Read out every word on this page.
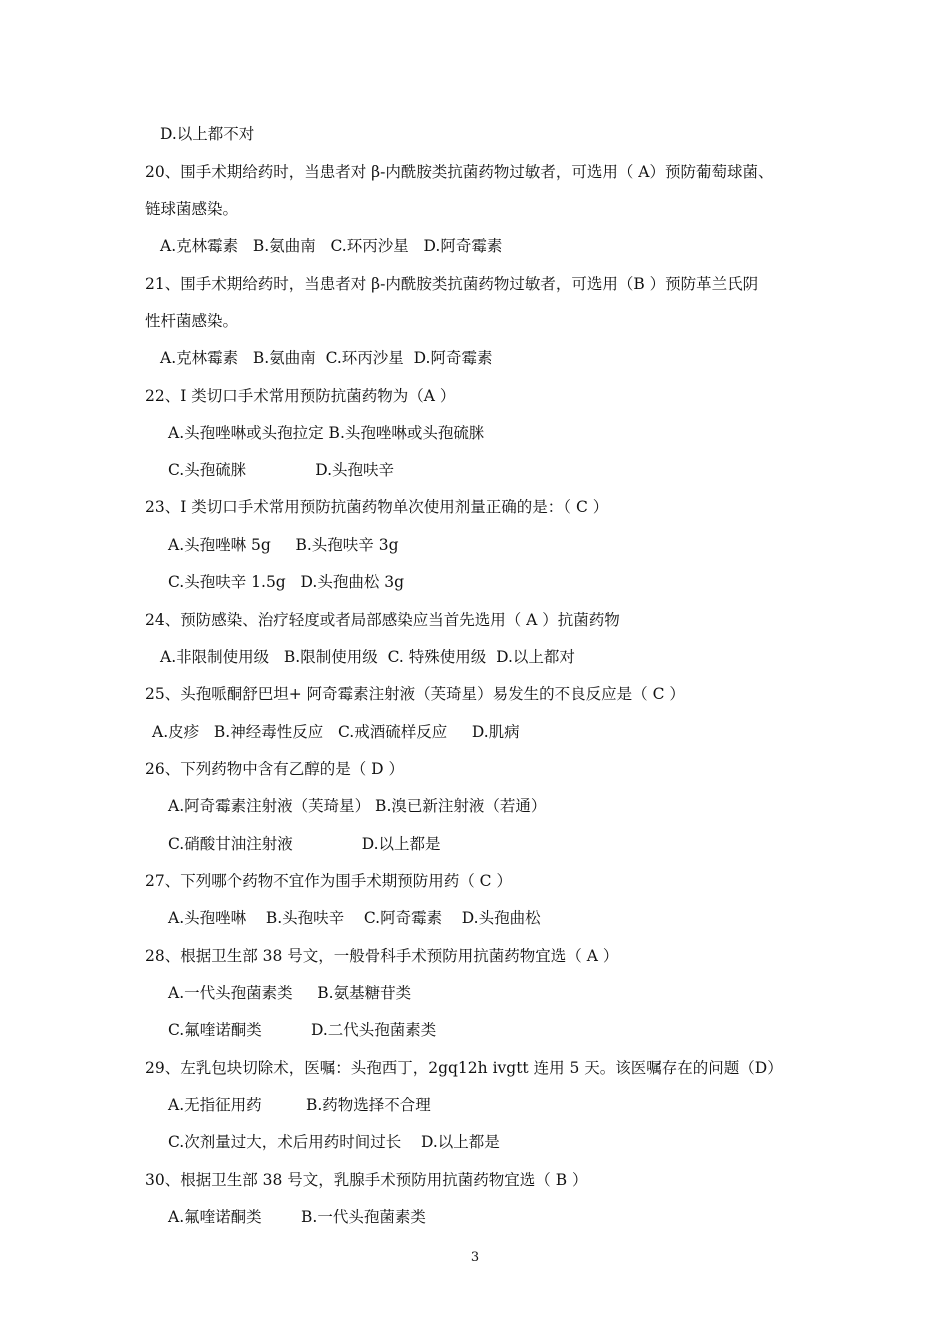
D.以上都不对
20、围手术期给药时，当患者对 β-内酰胺类抗菌药物过敏者，可选用（ A）预防葡萄球菌、
链球菌感染。
A.克林霉素   B.氨曲南   C.环丙沙星   D.阿奇霉素
21、围手术期给药时，当患者对 β-内酰胺类抗菌药物过敏者，可选用（B ）预防革兰氏阴
性杆菌感染。
A.克林霉素   B.氨曲南  C.环丙沙星  D.阿奇霉素
22、I 类切口手术常用预防抗菌药物为（A ）
A.头孢唑啉或头孢拉定 B.头孢唑啉或头孢硫脒
C.头孢硫脒              D.头孢呋辛
23、I 类切口手术常用预防抗菌药物单次使用剂量正确的是：（ C ）
A.头孢唑啉 5g     B.头孢呋辛 3g
C.头孢呋辛 1.5g   D.头孢曲松 3g
24、预防感染、治疗轻度或者局部感染应当首先选用（ A ）抗菌药物
A.非限制使用级   B.限制使用级  C. 特殊使用级  D.以上都对
25、头孢哌酮舒巴坦+ 阿奇霉素注射液（芙琦星）易发生的不良反应是（ C ）
A.皮疹   B.神经毒性反应   C.戒酒硫样反应     D.肌病
26、下列药物中含有乙醇的是（ D ）
A.阿奇霉素注射液（芙琦星） B.溴已新注射液（若通）
C.硝酸甘油注射液              D.以上都是
27、下列哪个药物不宜作为围手术期预防用药（ C ）
A.头孢唑啉    B.头孢呋辛    C.阿奇霉素    D.头孢曲松
28、根据卫生部 38 号文，一般骨科手术预防用抗菌药物宜选（ A ）
A.一代头孢菌素类     B.氨基糖苷类
C.氟喹诺酮类          D.二代头孢菌素类
29、左乳包块切除术，医嘱：头孢西丁，2gq12h ivgtt 连用 5 天。该医嘱存在的问题（D）
A.无指征用药         B.药物选择不合理
C.次剂量过大，术后用药时间过长    D.以上都是
30、根据卫生部 38 号文，乳腺手术预防用抗菌药物宜选（ B ）
A.氟喹诺酮类        B.一代头孢菌素类
3
